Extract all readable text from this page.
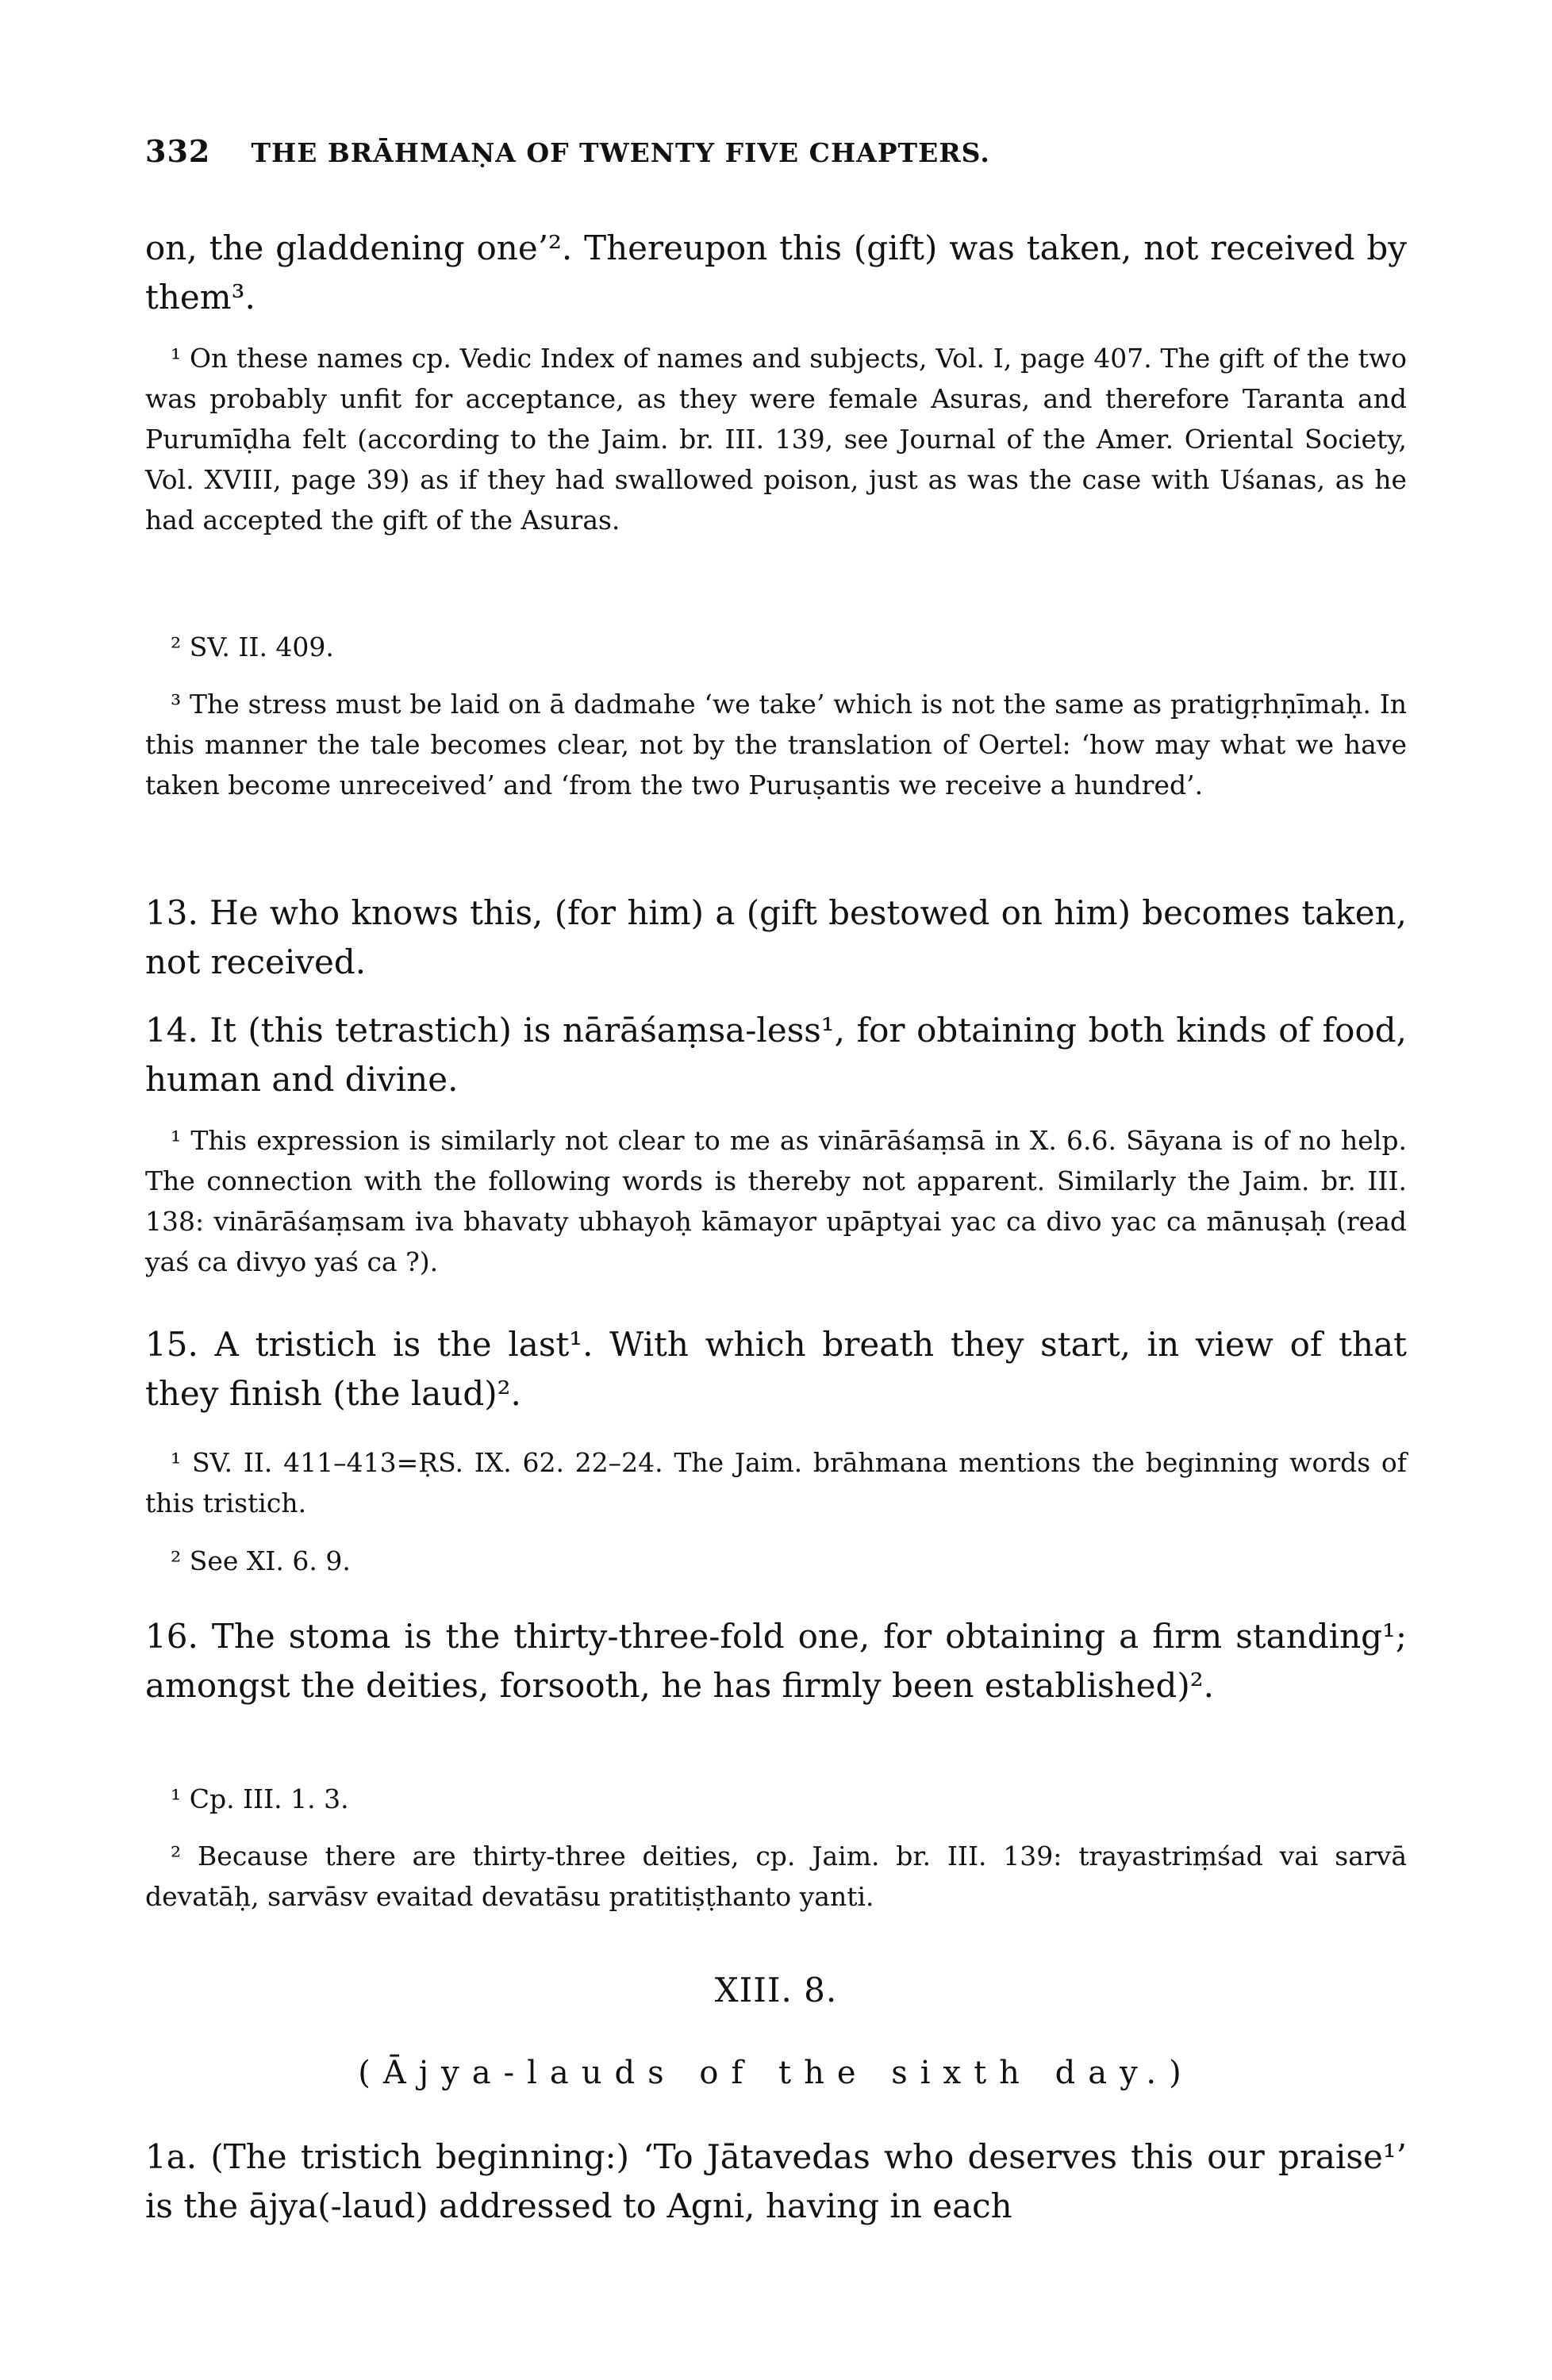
332 THE BRĀHMAṆA OF TWENTY FIVE CHAPTERS.

on, the gladdening one’². Thereupon this (gift) was taken, not received by them³.

¹ On these names cp. Vedic Index of names and subjects, Vol. I, page 407. The gift of the two was probably unfit for acceptance, as they were female Asuras, and therefore Taranta and Purumīḍha felt (according to the Jaim. br. III. 139, see Journal of the Amer. Oriental Society, Vol. XVIII, page 39) as if they had swallowed poison, just as was the case with Uśanas, as he had accepted the gift of the Asuras.

² SV. II. 409.

³ The stress must be laid on ā dadmahe ‘we take’ which is not the same as pratigṛhṇīmaḥ. In this manner the tale becomes clear, not by the translation of Oertel: ‘how may what we have taken become unreceived’ and ‘from the two Puruṣantis we receive a hundred’.

13. He who knows this, (for him) a (gift bestowed on him) becomes taken, not received.

14. It (this tetrastich) is nārāśaṃsa-less¹, for obtaining both kinds of food, human and divine.

¹ This expression is similarly not clear to me as vinārāśaṃsā in X. 6.6. Sāyana is of no help. The connection with the following words is thereby not apparent. Similarly the Jaim. br. III. 138: vinārāśaṃsam iva bhavaty ubhayoḥ kāmayor upāptyai yac ca divo yac ca mānuṣaḥ (read yaś ca divyo yaś ca ?).

15. A tristich is the last¹. With which breath they start, in view of that they finish (the laud)².

¹ SV. II. 411–413=ṚS. IX. 62. 22–24. The Jaim. brāhmana mentions the beginning words of this tristich.

² See XI. 6. 9.

16. The stoma is the thirty-three-fold one, for obtaining a firm standing¹; amongst the deities, forsooth, he has firmly been established)².

¹ Cp. III. 1. 3.

² Because there are thirty-three deities, cp. Jaim. br. III. 139: trayastriṃśad vai sarvā devatāḥ, sarvāsv evaitad devatāsu pratitiṣṭhanto yanti.

XIII. 8.

(Ājya-lauds of the sixth day.)

1a. (The tristich beginning:) ‘To Jātavedas who deserves this our praise¹’ is the ājya(-laud) addressed to Agni, having in each
